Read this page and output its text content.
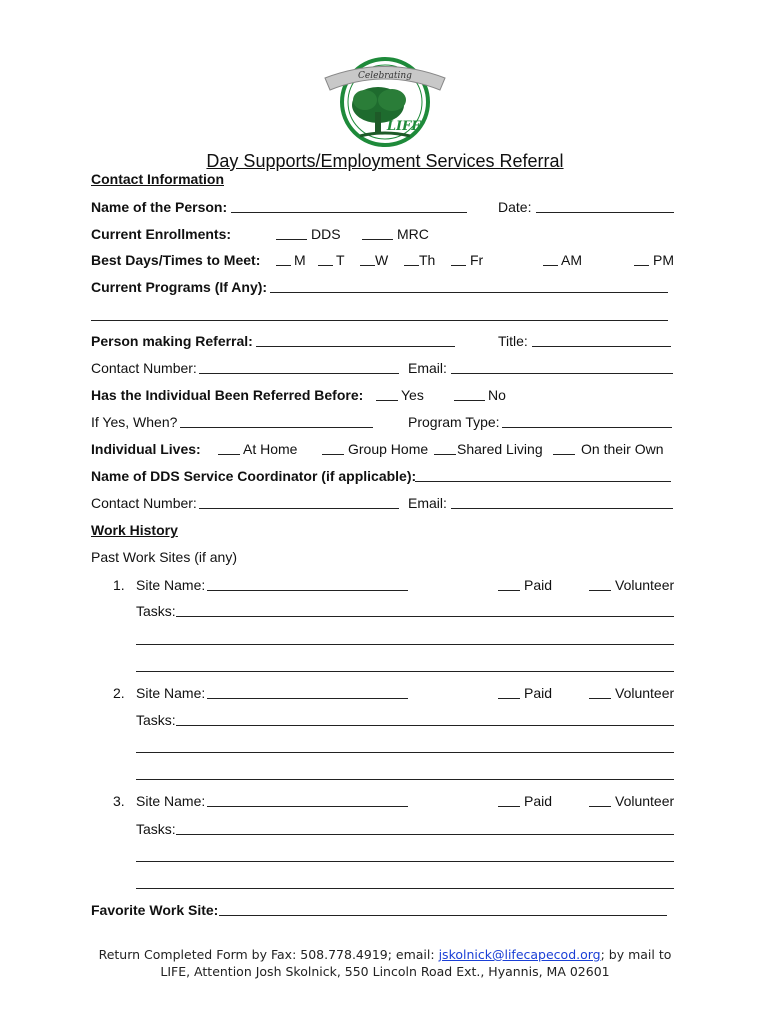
Celebrating
LIFE
Day Supports/Employment Services Referral
Contact Information
Name of the Person:	Date:
Current Enrollments:	DDS	MRC
Best Days/Times to Meet: M T W Th Fr	AM	PM
Current Programs (If Any):
Person making Referral:	Title:
Contact Number:	Email:
Has the Individual Been Referred Before:	Yes	No
If Yes, When?	Program Type:
Individual Lives:	At Home	Group Home Shared Living	On their Own
Name of DDS Service Coordinator (if applicable):
Contact Number:	Email:
Work History
Past Work Sites (if any)
1. Site Name:	Paid	Volunteer
Tasks:
2. Site Name:	Paid	Volunteer
Tasks:
3. Site Name:	Paid	Volunteer
Tasks:
Favorite Work Site:
Return Completed Form by Fax: 508.778.4919; email: jskolnick@lifecapecod.org; by mail to
LIFE, Attention Josh Skolnick, 550 Lincoln Road Ext., Hyannis, MA 02601
